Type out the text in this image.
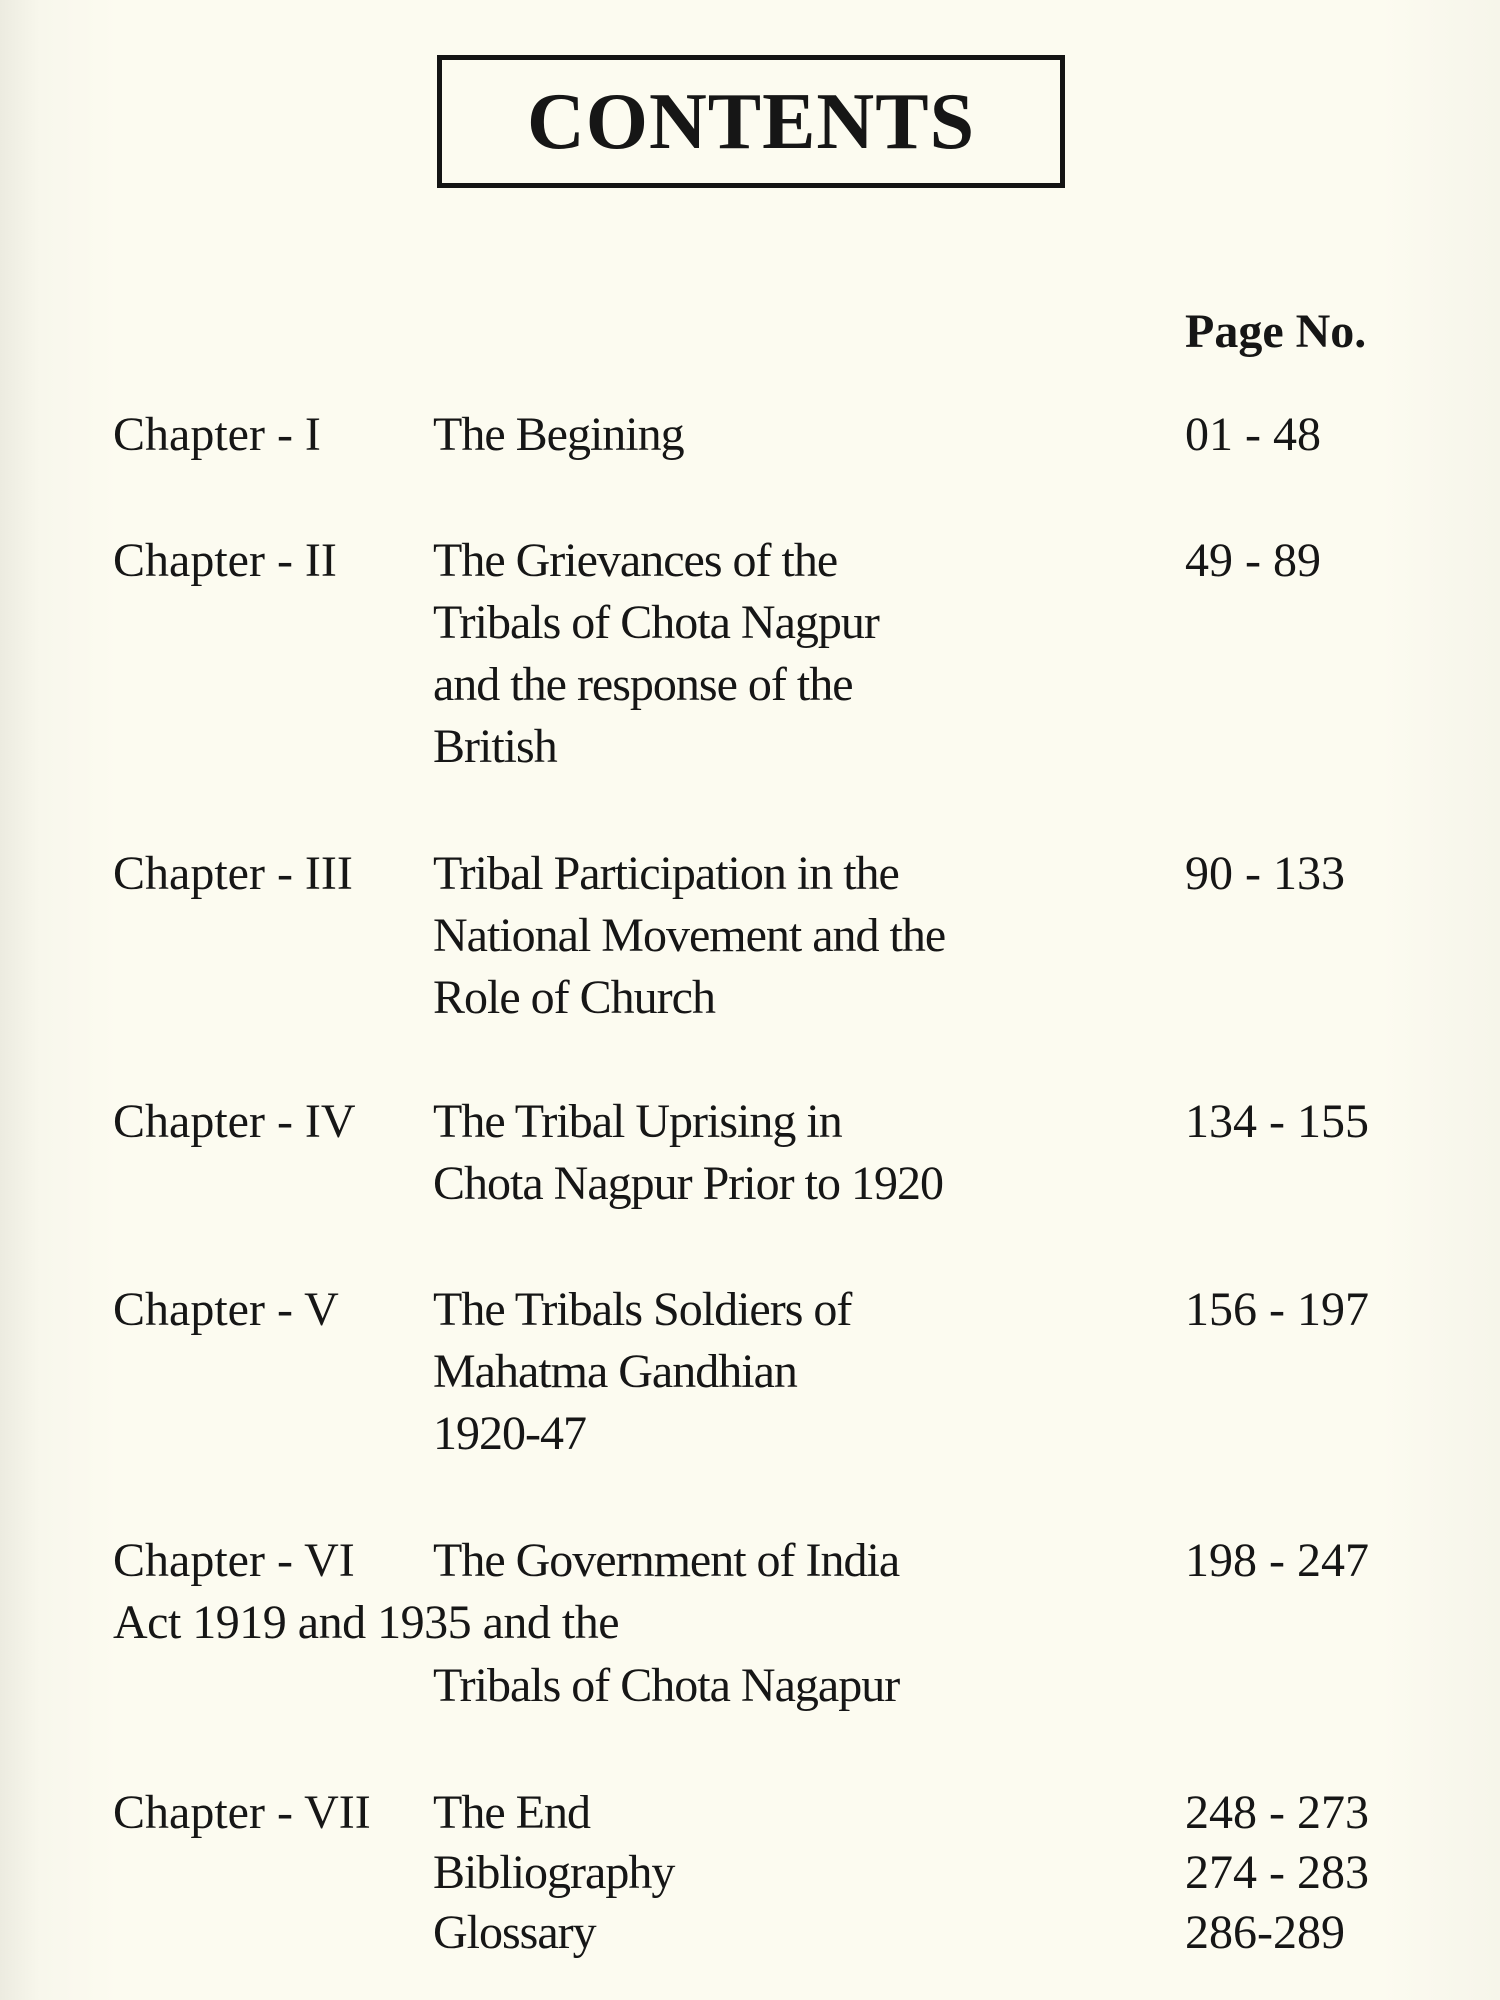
CONTENTS
Page No.
Chapter - I The Begining	01 - 48
Chapter - II The Grievances of the
Tribals of Chota Nagpur
and the response of the
British
49 - 89
Chapter - III Tribal Participation in the
National Movement and the
Role of Church
90 - 133
Chapter - IV The Tribal Uprising in
Chota Nagpur Prior to 1920
134 - 155
Chapter - V The Tribals Soldiers of
Mahatma Gandhian
1920-47
156 - 197
Chapter - VI The Government of India	198 - 247
Act 1919 and 1935 and the
Tribals of Chota Nagapur
Chapter - VII The End	248 - 273
Bibliography	274 - 283
Glossary	286-289
